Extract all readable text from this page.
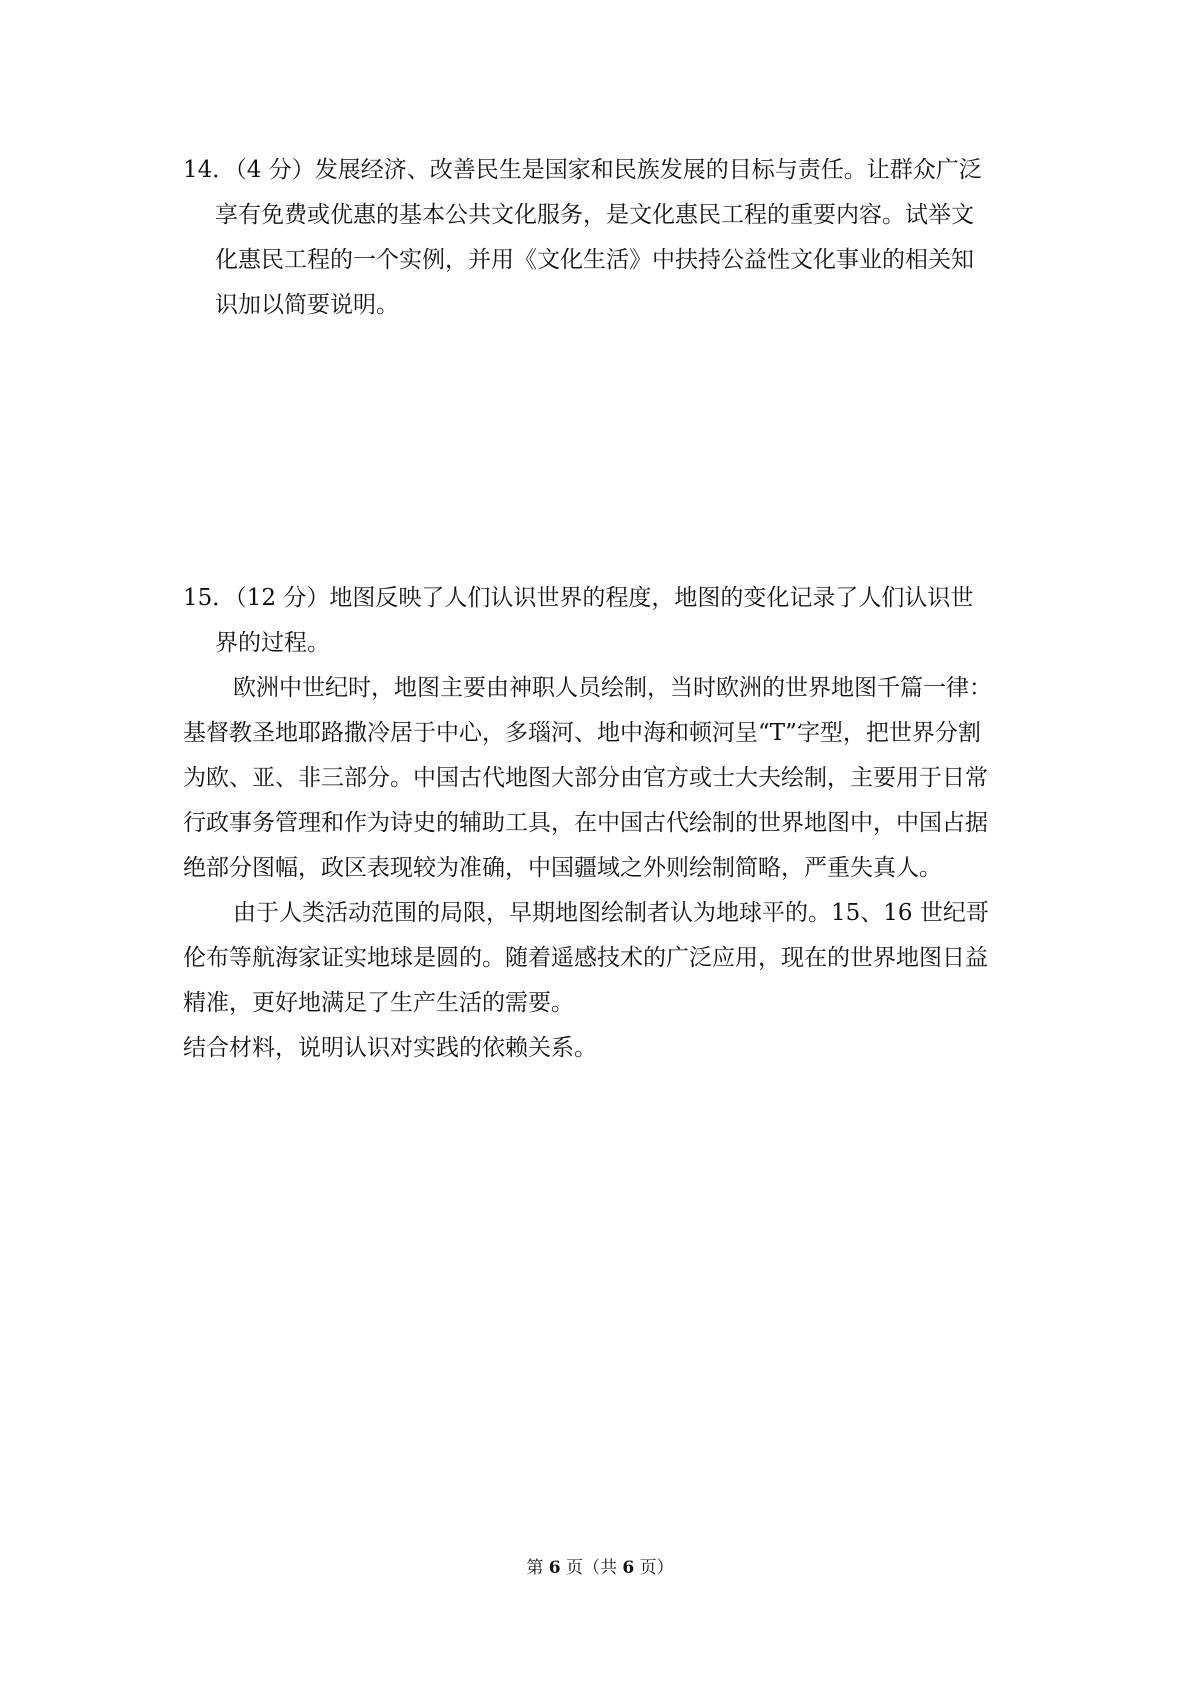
14．（4 分）发展经济、改善民生是国家和民族发展的目标与责任。让群众广泛

享有免费或优惠的基本公共文化服务，是文化惠民工程的重要内容。试举文

化惠民工程的一个实例，并用《文化生活》中扶持公益性文化事业的相关知

识加以简要说明。

15．（12 分）地图反映了人们认识世界的程度，地图的变化记录了人们认识世

界的过程。

欧洲中世纪时，地图主要由神职人员绘制，当时欧洲的世界地图千篇一律：

基督教圣地耶路撒冷居于中心，多瑙河、地中海和顿河呈“T”字型，把世界分割

为欧、亚、非三部分。中国古代地图大部分由官方或士大夫绘制，主要用于日常

行政事务管理和作为诗史的辅助工具，在中国古代绘制的世界地图中，中国占据

绝部分图幅，政区表现较为准确，中国疆域之外则绘制简略，严重失真人。

由于人类活动范围的局限，早期地图绘制者认为地球平的。15、16 世纪哥

伦布等航海家证实地球是圆的。随着遥感技术的广泛应用，现在的世界地图日益

精准，更好地满足了生产生活的需要。

结合材料，说明认识对实践的依赖关系。

第 6 页（共 6 页）
